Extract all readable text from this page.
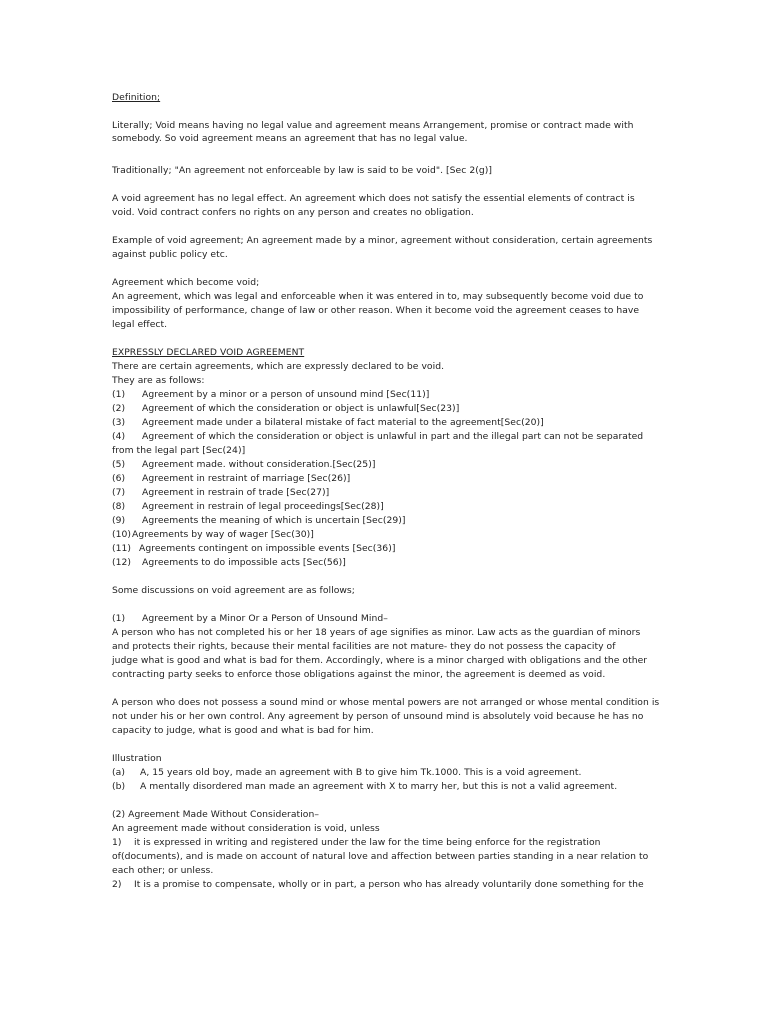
Definition;
Literally; Void means having no legal value and agreement means Arrangement, promise or contract made with
somebody. So void agreement means an agreement that has no legal value.
Traditionally; "An agreement not enforceable by law is said to be void". [Sec 2(g)]
A void agreement has no legal effect. An agreement which does not satisfy the essential elements of contract is
void. Void contract confers no rights on any person and creates no obligation.
Example of void agreement; An agreement made by a minor, agreement without consideration, certain agreements
against public policy etc.
Agreement which become void;
An agreement, which was legal and enforceable when it was entered in to, may subsequently become void due to
impossibility of performance, change of law or other reason. When it become void the agreement ceases to have
legal effect.
EXPRESSLY DECLARED VOID AGREEMENT
There are certain agreements, which are expressly declared to be void.
They are as follows:
(1) Agreement by a minor or a person of unsound mind [Sec(11)]
(2) Agreement of which the consideration or object is unlawful[Sec(23)]
(3) Agreement made under a bilateral mistake of fact material to the agreement[Sec(20)]
(4) Agreement of which the consideration or object is unlawful in part and the illegal part can not be separated
from the legal part [Sec(24)]
(5) Agreement made. without consideration.[Sec(25)]
(6) Agreement in restraint of marriage [Sec(26)]
(7) Agreement in restrain of trade [Sec(27)]
(8) Agreement in restrain of legal proceedings[Sec(28)]
(9) Agreements the meaning of which is uncertain [Sec(29)]
(10)Agreements by way of wager [Sec(30)]
(11) Agreements contingent on impossible events [Sec(36)]
(12) Agreements to do impossible acts [Sec(56)]
Some discussions on void agreement are as follows;
(1) Agreement by a Minor Or a Person of Unsound Mind–
A person who has not completed his or her 18 years of age signifies as minor. Law acts as the guardian of minors
and protects their rights, because their mental facilities are not mature- they do not possess the capacity of
judge what is good and what is bad for them. Accordingly, where is a minor charged with obligations and the other
contracting party seeks to enforce those obligations against the minor, the agreement is deemed as void.
A person who does not possess a sound mind or whose mental powers are not arranged or whose mental condition is
not under his or her own control. Any agreement by person of unsound mind is absolutely void because he has no
capacity to judge, what is good and what is bad for him.
Illustration
(a) A, 15 years old boy, made an agreement with B to give him Tk.1000. This is a void agreement.
(b) A mentally disordered man made an agreement with X to marry her, but this is not a valid agreement.
(2) Agreement Made Without Consideration–
An agreement made without consideration is void, unless
1) it is expressed in writing and registered under the law for the time being enforce for the registration
of(documents), and is made on account of natural love and affection between parties standing in a near relation to
each other; or unless.
2) It is a promise to compensate, wholly or in part, a person who has already voluntarily done something for the
